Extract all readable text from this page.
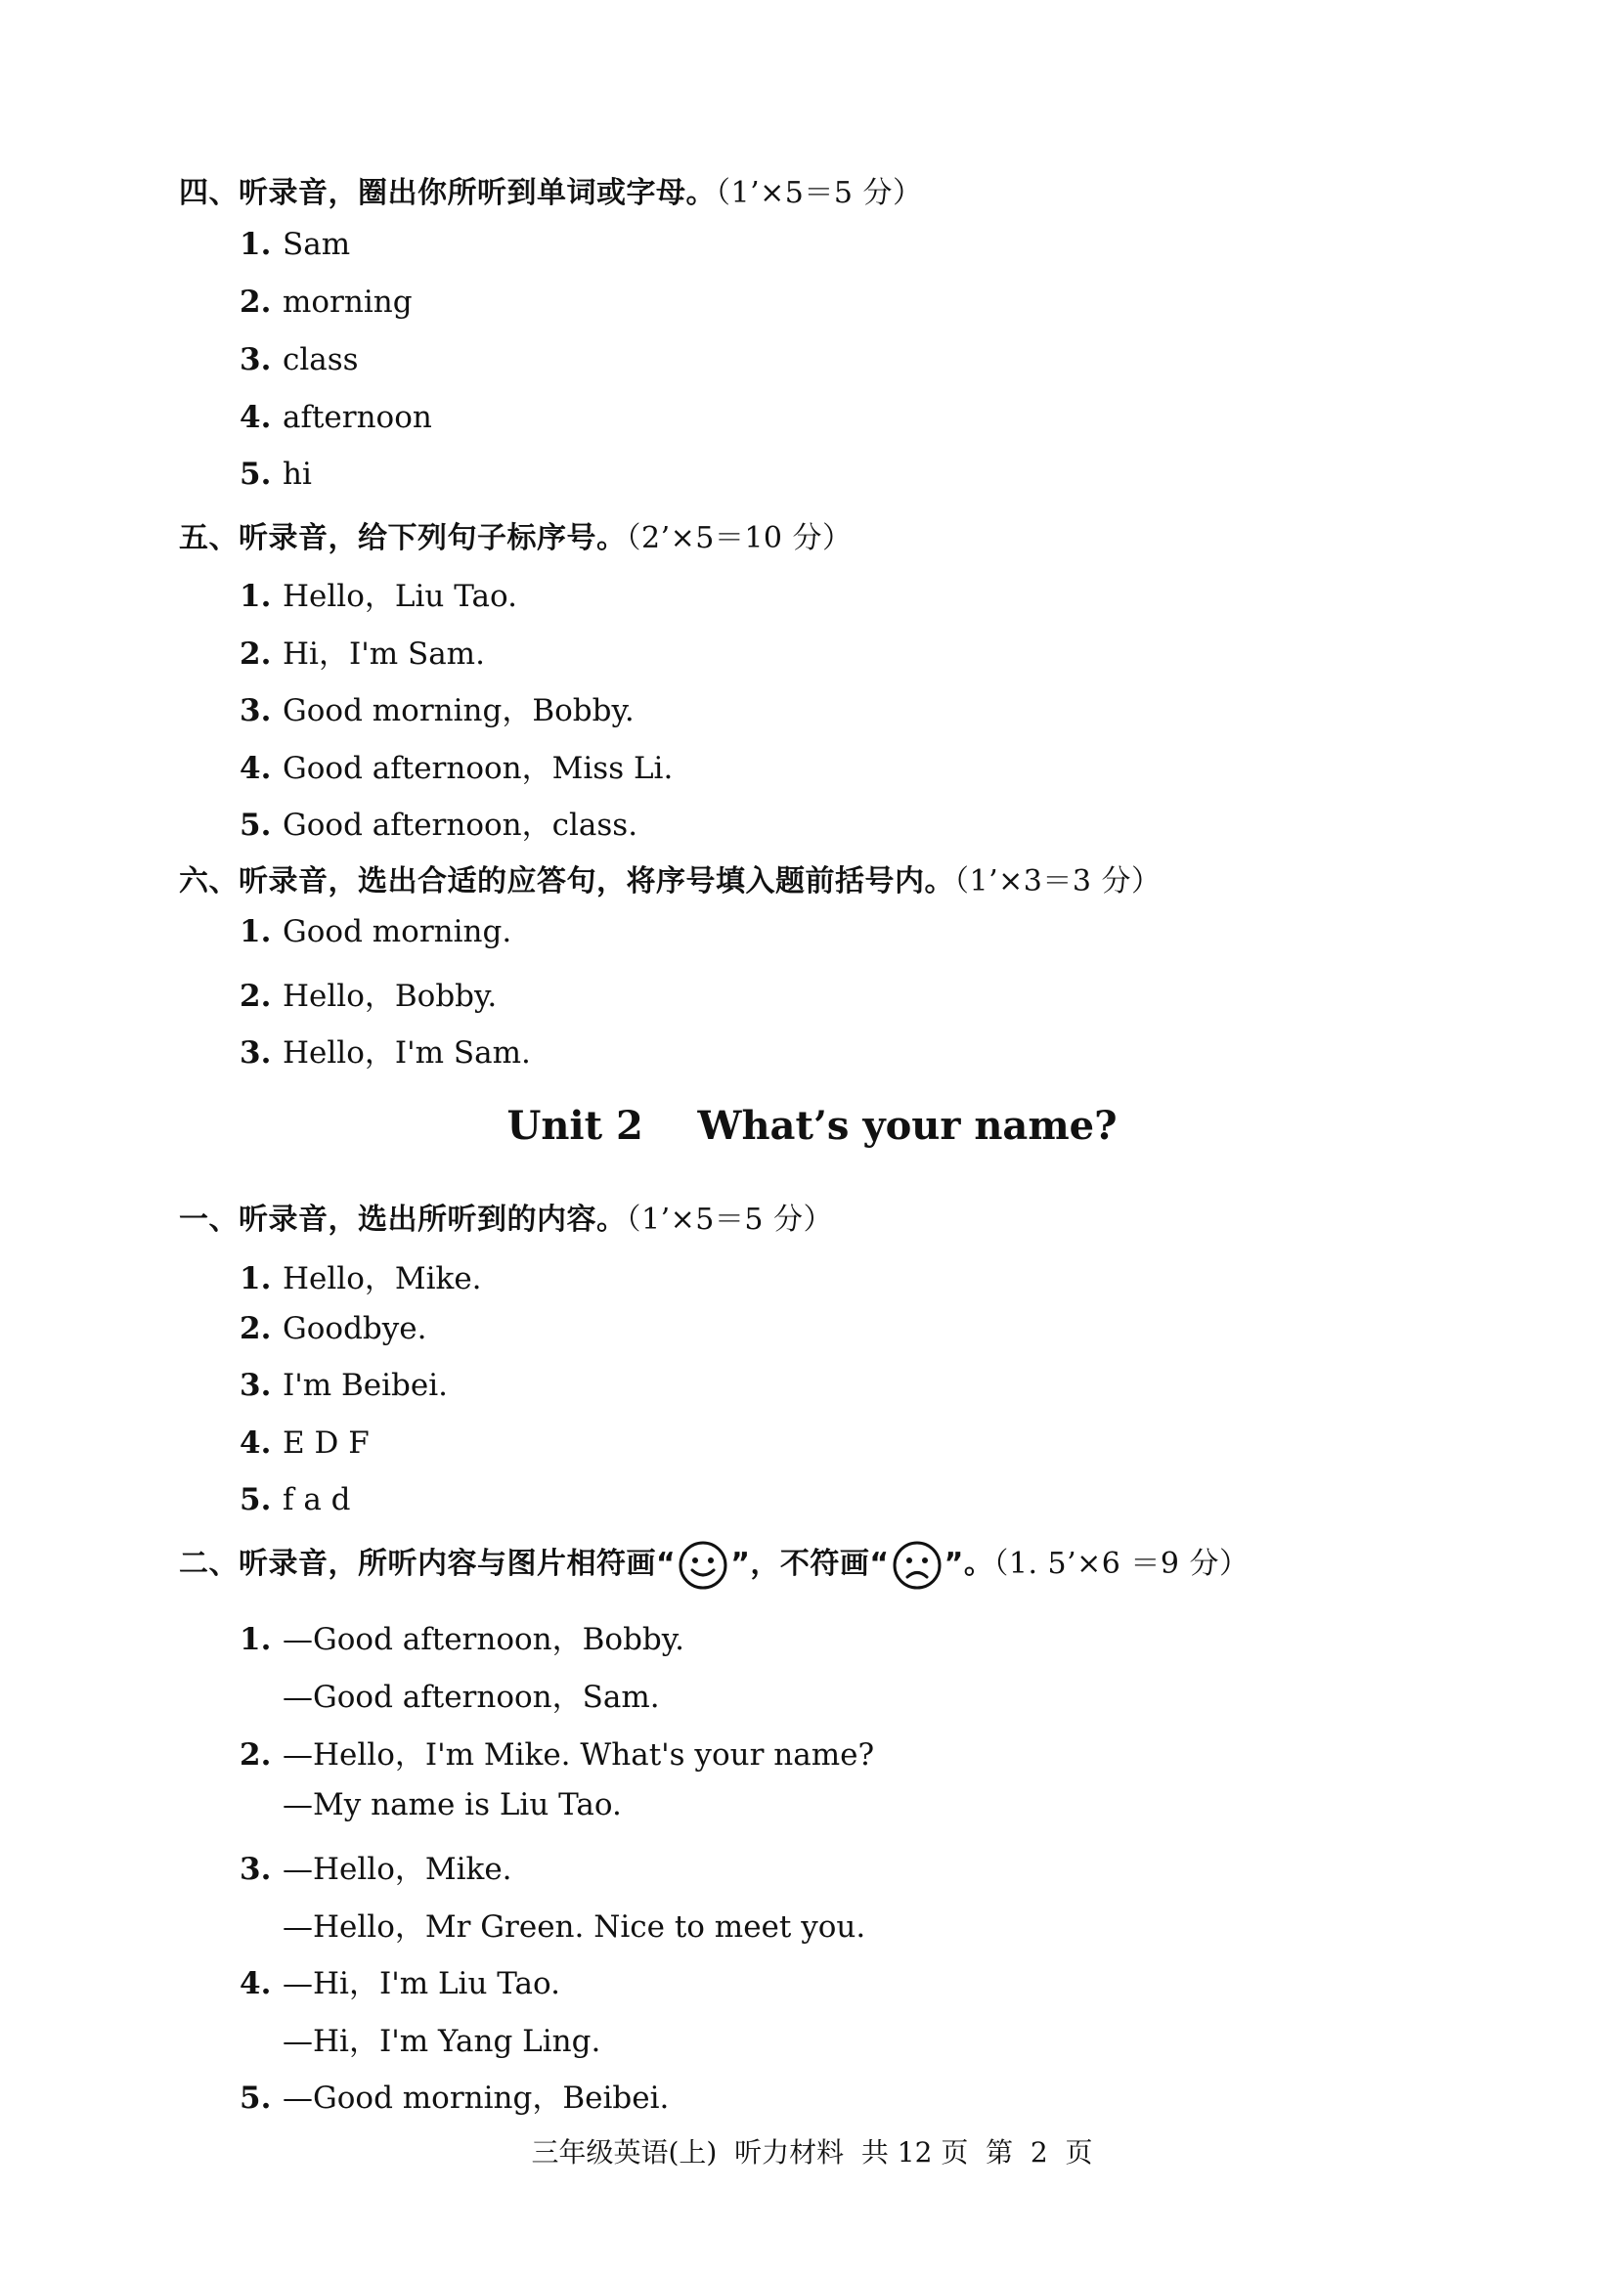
四、听录音，圈出你所听到单词或字母。（1’×5＝5 分）
1. Sam
2. morning
3. class
4. afternoon
5. hi
五、听录音，给下列句子标序号。（2’×5＝10 分）
1. Hello，Liu Tao.
2. Hi，I'm Sam.
3. Good morning，Bobby.
4. Good afternoon，Miss Li.
5. Good afternoon，class.
六、听录音，选出合适的应答句，将序号填入题前括号内。（1’×3＝3 分）
1. Good morning.
2. Hello，Bobby.
3. Hello，I'm Sam.
Unit 2    What’s your name?
一、听录音，选出所听到的内容。（1’×5＝5 分）
1. Hello，Mike.
2. Goodbye.
3. I'm Beibei.
4. E D F
5. f a d
二、听录音，所听内容与图片相符画“ ”，不符画“ ”。（1. 5’×6 ＝9 分）
1. —Good afternoon，Bobby.
—Good afternoon，Sam.
2. —Hello，I'm Mike. What's your name?
—My name is Liu Tao.
3. —Hello，Mike.
—Hello，Mr Green. Nice to meet you.
4. —Hi，I'm Liu Tao.
—Hi，I'm Yang Ling.
5. —Good morning，Beibei.
三年级英语(上)  听力材料  共 12 页  第  2  页
